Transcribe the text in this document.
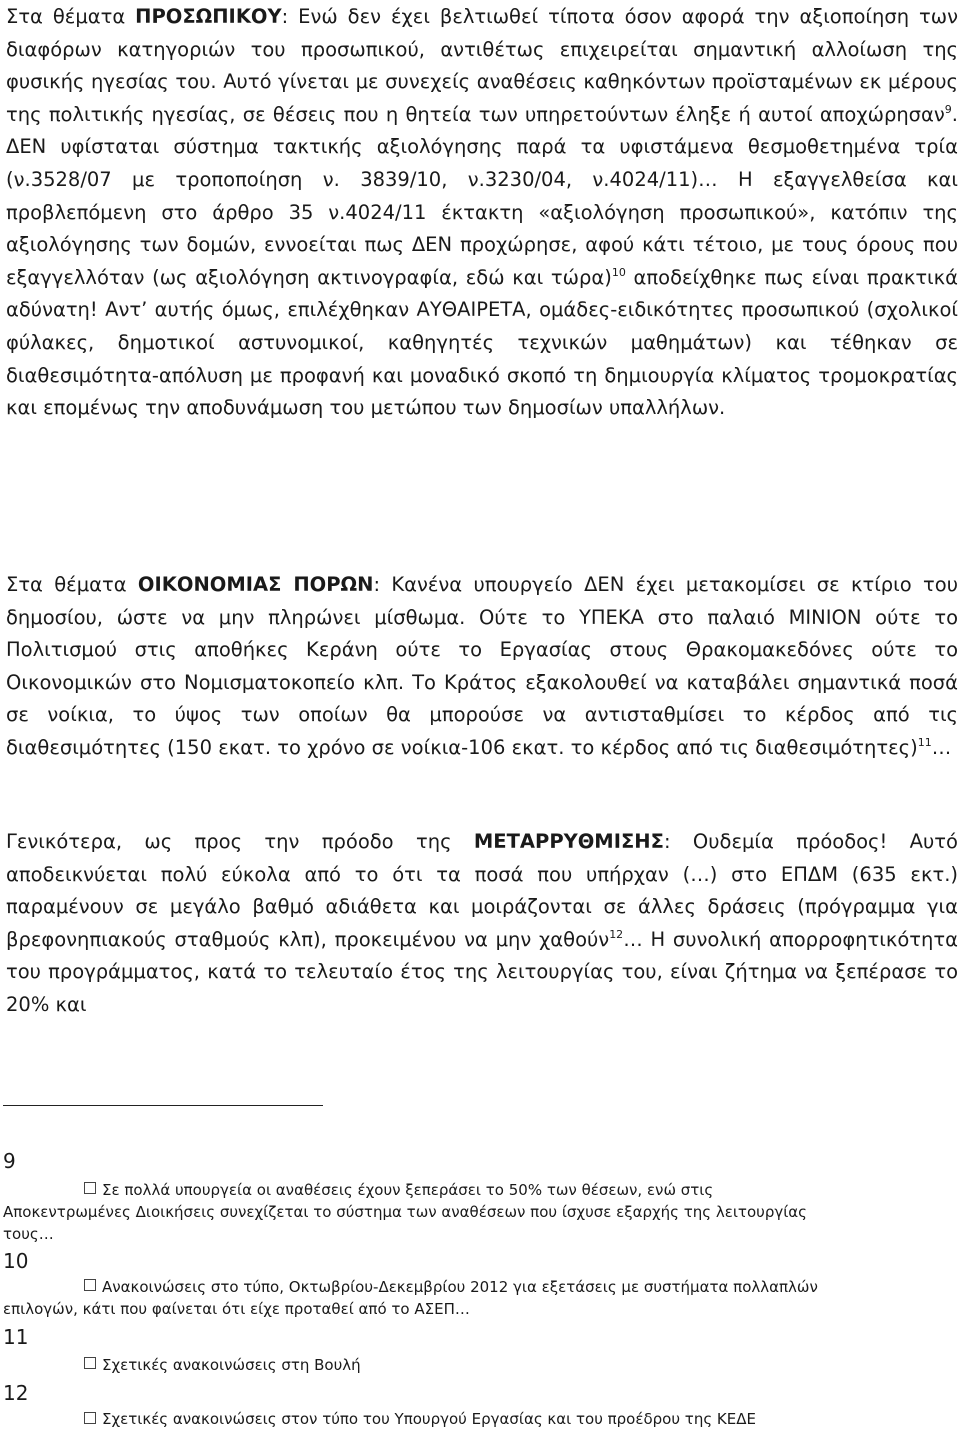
Στα θέματα ΠΡΟΣΩΠΙΚΟΥ: Ενώ δεν έχει βελτιωθεί τίποτα όσον αφορά την αξιοποίηση των διαφόρων κατηγοριών του προσωπικού, αντιθέτως επιχειρείται σημαντική αλλοίωση της φυσικής ηγεσίας του. Αυτό γίνεται με συνεχείς αναθέσεις καθηκόντων προϊσταμένων εκ μέρους της πολιτικής ηγεσίας, σε θέσεις που η θητεία των υπηρετούντων έληξε ή αυτοί αποχώρησαν$^9$. ΔΕΝ υφίσταται σύστημα τακτικής αξιολόγησης παρά τα υφιστάμενα θεσμοθετημένα τρία (ν.3528/07 με τροποποίηση ν. 3839/10, ν.3230/04, ν.4024/11)… Η εξαγγελθείσα και προβλεπόμενη στο άρθρο 35 ν.4024/11 έκτακτη «αξιολόγηση προσωπικού», κατόπιν της αξιολόγησης των δομών, εννοείται πως ΔΕΝ προχώρησε, αφού κάτι τέτοιο, με τους όρους που εξαγγελλόταν (ως αξιολόγηση ακτινογραφία, εδώ και τώρα)$^{10}$ αποδείχθηκε πως είναι πρακτικά αδύνατη! Αντ’ αυτής όμως, επιλέχθηκαν ΑΥΘΑΙΡΕΤΑ, ομάδες-ειδικότητες προσωπικού (σχολικοί φύλακες, δημοτικοί αστυνομικοί, καθηγητές τεχνικών μαθημάτων) και τέθηκαν σε διαθεσιμότητα-απόλυση με προφανή και μοναδικό σκοπό τη δημιουργία κλίματος τρομοκρατίας και επομένως την αποδυνάμωση του μετώπου των δημοσίων υπαλλήλων.

Στα θέματα ΟΙΚΟΝΟΜΙΑΣ ΠΟΡΩΝ: Κανένα υπουργείο ΔΕΝ έχει μετακομίσει σε κτίριο του δημοσίου, ώστε να μην πληρώνει μίσθωμα. Ούτε το ΥΠΕΚΑ στο παλαιό ΜΙΝΙΟΝ ούτε το Πολιτισμού στις αποθήκες Κεράνη ούτε το Εργασίας στους Θρακομακεδόνες ούτε το Οικονομικών στο Νομισματοκοπείο κλπ. Το Κράτος εξακολουθεί να καταβάλει σημαντικά ποσά σε νοίκια, το ύψος των οποίων θα μπορούσε να αντισταθμίσει το κέρδος από τις διαθεσιμότητες (150 εκατ. το χρόνο σε νοίκια-106 εκατ. το κέρδος από τις διαθεσιμότητες)$^{11}$…

Γενικότερα, ως προς την πρόοδο της ΜΕΤΑΡΡΥΘΜΙΣΗΣ: Ουδεμία πρόοδος! Αυτό αποδεικνύεται πολύ εύκολα από το ότι τα ποσά που υπήρχαν (…) στο ΕΠΔΜ (635 εκτ.) παραμένουν σε μεγάλο βαθμό αδιάθετα και μοιράζονται σε άλλες δράσεις (πρόγραμμα για βρεφονηπιακούς σταθμούς κλπ), προκειμένου να μην χαθούν$^{12}$… Η συνολική απορροφητικότητα του προγράμματος, κατά το τελευταίο έτος της λειτουργίας του, είναι ζήτημα να ξεπέρασε το 20% και

9
Σε πολλά υπουργεία οι αναθέσεις έχουν ξεπεράσει το 50% των θέσεων, ενώ στις
Αποκεντρωμένες Διοικήσεις συνεχίζεται το σύστημα των αναθέσεων που ίσχυσε εξαρχής της λειτουργίας
τους…
10
Ανακοινώσεις στο τύπο, Οκτωβρίου-Δεκεμβρίου 2012 για εξετάσεις με συστήματα πολλαπλών
επιλογών, κάτι που φαίνεται ότι είχε προταθεί από το ΑΣΕΠ…
11
Σχετικές ανακοινώσεις στη Βουλή
12
Σχετικές ανακοινώσεις στον τύπο του Υπουργού Εργασίας και του προέδρου της ΚΕΔΕ
